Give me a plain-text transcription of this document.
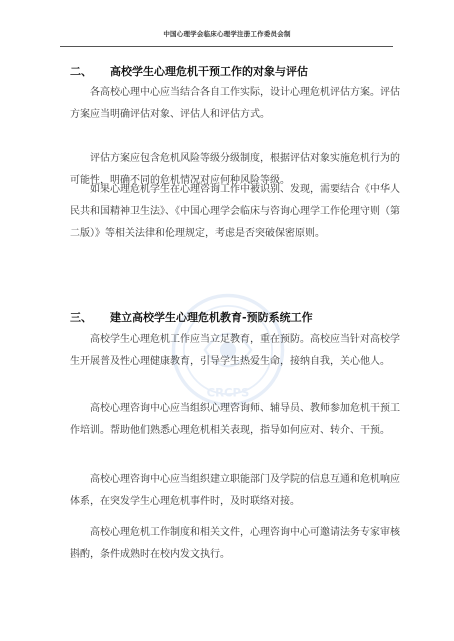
CRCPS
中国心理学会临床心理学注册工作委员会制
二、 高校学生心理危机干预工作的对象与评估
各高校心理中心应当结合各自工作实际，设计心理危机评估方案。评估方案应当明确评估对象、评估人和评估方式。
评估方案应包含危机风险等级分级制度，根据评估对象实施危机行为的可能性，明确不同的危机情况对应何种风险等级。
如果心理危机学生在心理咨询工作中被识别、发现，需要结合《中华人民共和国精神卫生法》、《中国心理学会临床与咨询心理学工作伦理守则（第二版）》等相关法律和伦理规定，考虑是否突破保密原则。
三、 建立高校学生心理危机教育-预防系统工作
高校学生心理危机工作应当立足教育，重在预防。高校应当针对高校学生开展普及性心理健康教育，引导学生热爱生命，接纳自我，关心他人。
高校心理咨询中心应当组织心理咨询师、辅导员、教师参加危机干预工作培训。帮助他们熟悉心理危机相关表现，指导如何应对、转介、干预。
高校心理咨询中心应当组织建立职能部门及学院的信息互通和危机响应体系，在突发学生心理危机事件时，及时联络对接。
高校心理危机工作制度和相关文件，心理咨询中心可邀请法务专家审核斟酌，条件成熟时在校内发文执行。
